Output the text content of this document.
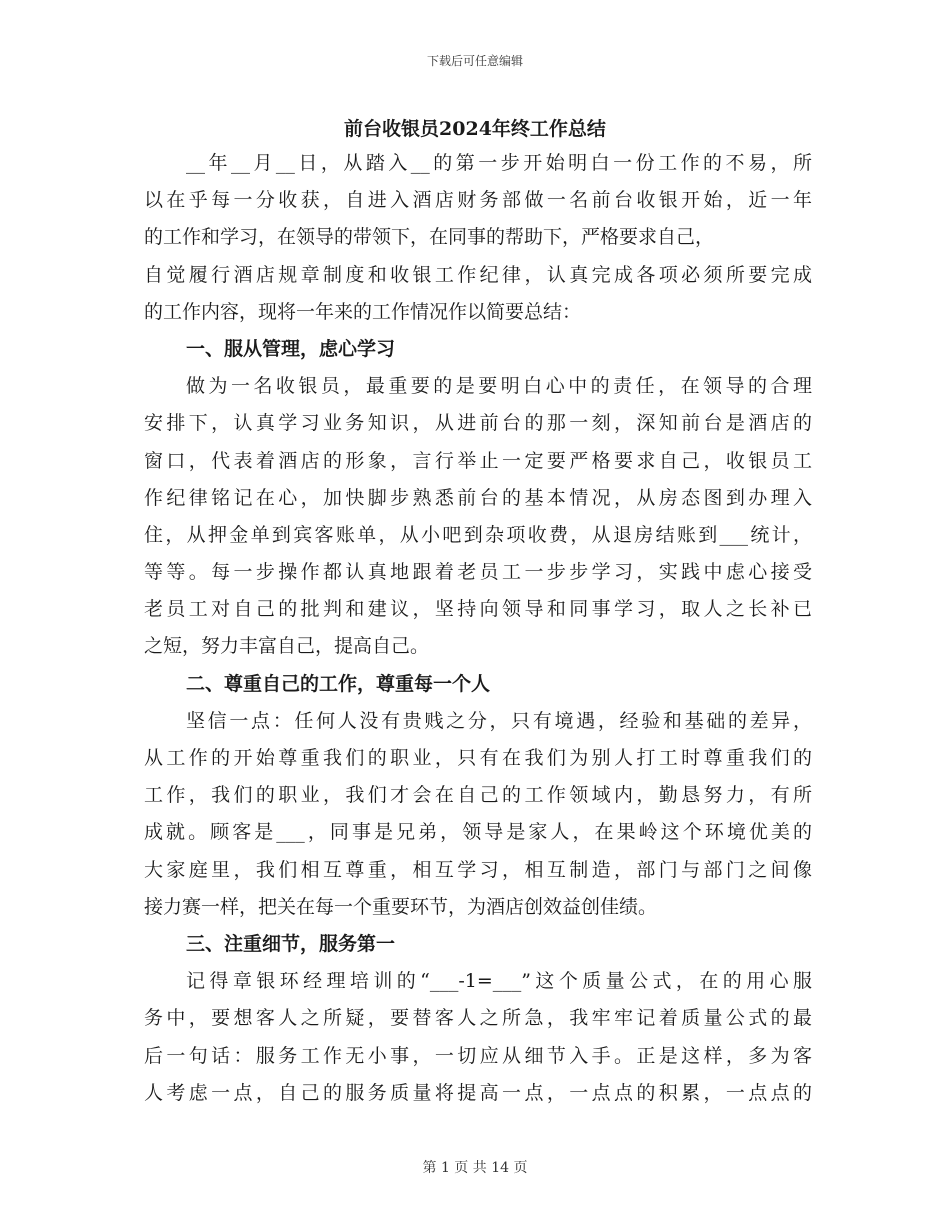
下载后可任意编辑
前台收银员2024年终工作总结
__年__月__日，从踏入__的第一步开始明白一份工作的不易，所
以在乎每一分收获，自进入酒店财务部做一名前台收银开始，近一年
的工作和学习，在领导的带领下，在同事的帮助下，严格要求自己，
自觉履行酒店规章制度和收银工作纪律，认真完成各项必须所要完成
的工作内容，现将一年来的工作情况作以简要总结：
一、服从管理，虑心学习
做为一名收银员，最重要的是要明白心中的责任，在领导的合理
安排下，认真学习业务知识，从进前台的那一刻，深知前台是酒店的
窗口，代表着酒店的形象，言行举止一定要严格要求自己，收银员工
作纪律铭记在心，加快脚步熟悉前台的基本情况，从房态图到办理入
住，从押金单到宾客账单，从小吧到杂项收费，从退房结账到___统计，
等等。每一步操作都认真地跟着老员工一步步学习，实践中虑心接受
老员工对自己的批判和建议，坚持向领导和同事学习，取人之长补已
之短，努力丰富自己，提高自己。
二、尊重自己的工作，尊重每一个人
坚信一点：任何人没有贵贱之分，只有境遇，经验和基础的差异，
从工作的开始尊重我们的职业，只有在我们为别人打工时尊重我们的
工作，我们的职业，我们才会在自己的工作领域内，勤恳努力，有所
成就。顾客是___，同事是兄弟，领导是家人，在果岭这个环境优美的
大家庭里，我们相互尊重，相互学习，相互制造，部门与部门之间像
接力赛一样，把关在每一个重要环节，为酒店创效益创佳绩。
三、注重细节，服务第一
记得章银环经理培训的“___-1=___”这个质量公式，在的用心服
务中，要想客人之所疑，要替客人之所急，我牢牢记着质量公式的最
后一句话：服务工作无小事，一切应从细节入手。正是这样，多为客
人考虑一点，自己的服务质量将提高一点，一点点的积累，一点点的
第 1 页 共 14 页
